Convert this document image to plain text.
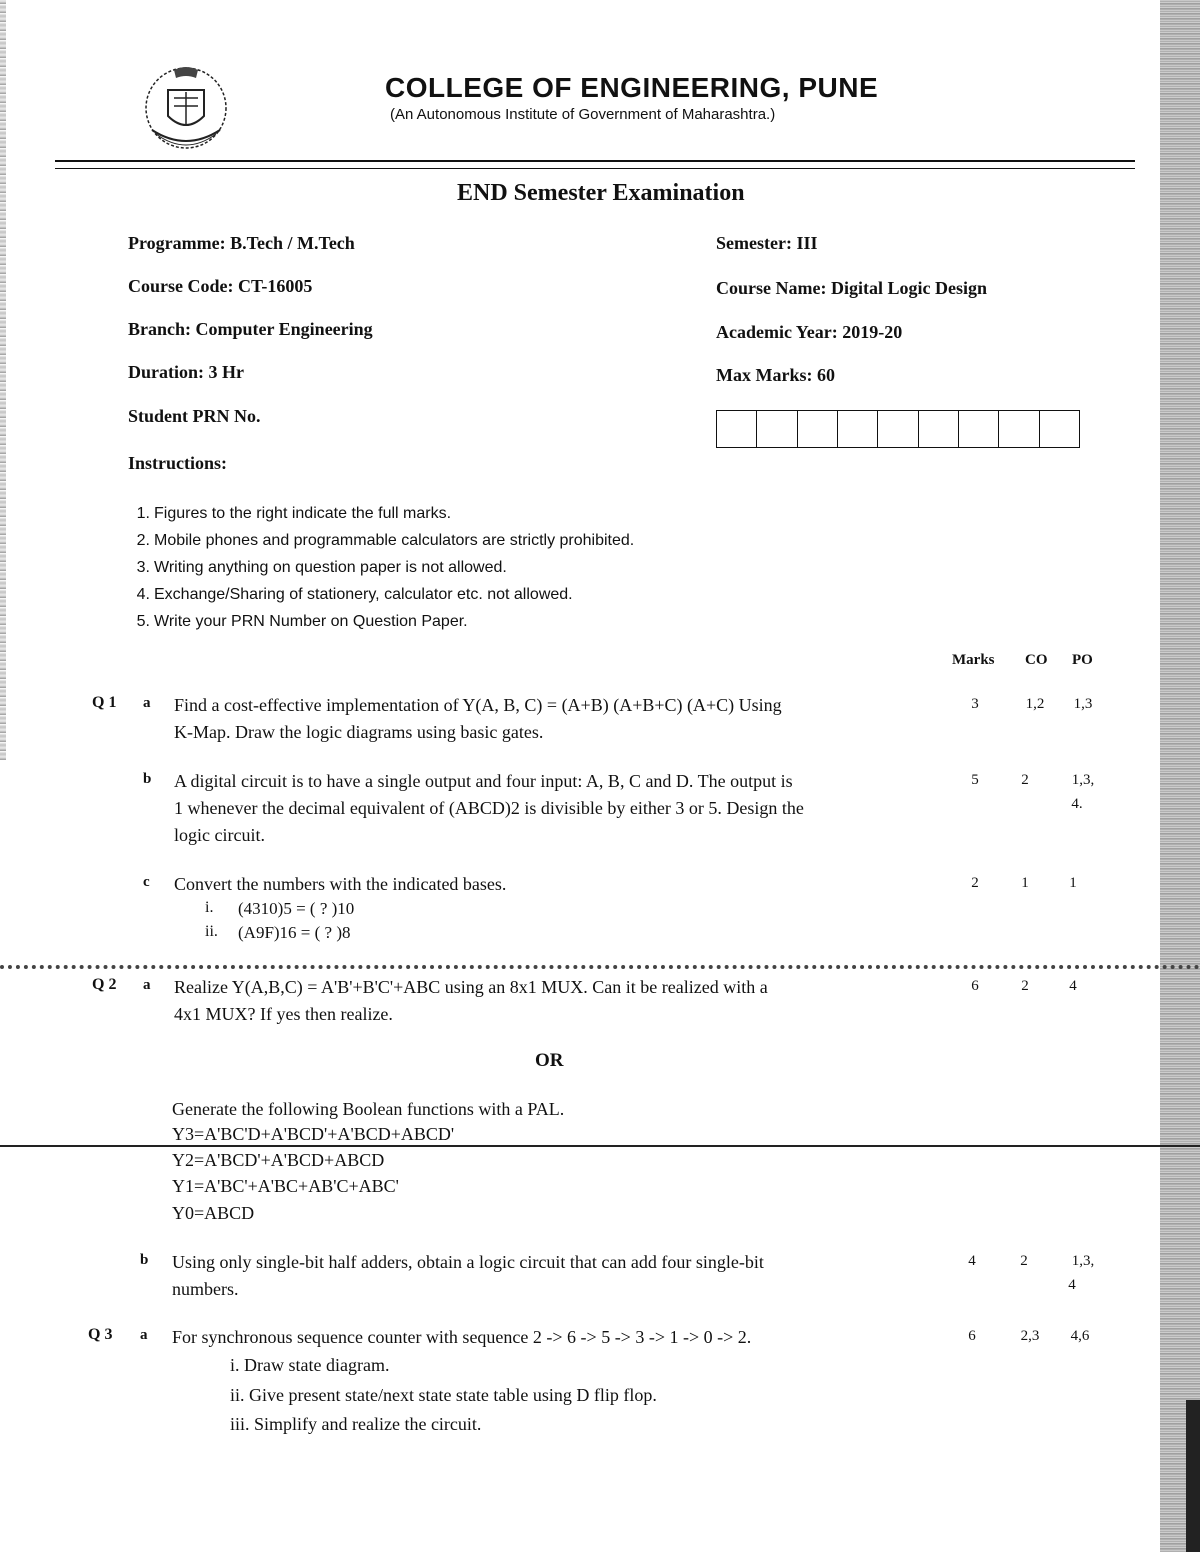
COLLEGE OF ENGINEERING, PUNE
(An Autonomous Institute of Government of Maharashtra.)
END Semester Examination
Programme: B.Tech / M.Tech	Semester: III
Course Code: CT-16005	Course Name: Digital Logic Design
Branch: Computer Engineering	Academic Year: 2019-20
Duration: 3 Hr	Max Marks: 60
Student PRN No.
Instructions:
1. Figures to the right indicate the full marks.
2. Mobile phones and programmable calculators are strictly prohibited.
3. Writing anything on question paper is not allowed.
4. Exchange/Sharing of stationery, calculator etc. not allowed.
5. Write your PRN Number on Question Paper.
Marks CO PO
Q 1 a Find a cost-effective implementation of Y(A, B, C) = (A+B) (A+B+C) (A+C) Using
K-Map. Draw the logic diagrams using basic gates.
3	1,2	1,3
b A digital circuit is to have a single output and four input: A, B, C and D. The output is
1 whenever the decimal equivalent of (ABCD)2 is divisible by either 3 or 5. Design the
logic circuit.
5	2	1,3,
4.
c Convert the numbers with the indicated bases.
i. (4310)5 = ( ? )10
ii. (A9F)16 = ( ? )8
2	1	1
Q 2 a Realize Y(A,B,C) = A'B'+B'C'+ABC using an 8x1 MUX. Can it be realized with a
4x1 MUX? If yes then realize.
6	2	4
OR
Generate the following Boolean functions with a PAL.
Y3=A'BC'D+A'BCD'+A'BCD+ABCD'
Y2=A'BCD'+A'BCD+ABCD
Y1=A'BC'+A'BC+AB'C+ABC'
Y0=ABCD
b Using only single-bit half adders, obtain a logic circuit that can add four single-bit
numbers.
4	2	1,3,
4
Q 3 a For synchronous sequence counter with sequence 2 -> 6 -> 5 -> 3 -> 1 -> 0 -> 2.
i. Draw state diagram.
ii. Give present state/next state state table using D flip flop.
iii. Simplify and realize the circuit.
6	2,3	4,6
